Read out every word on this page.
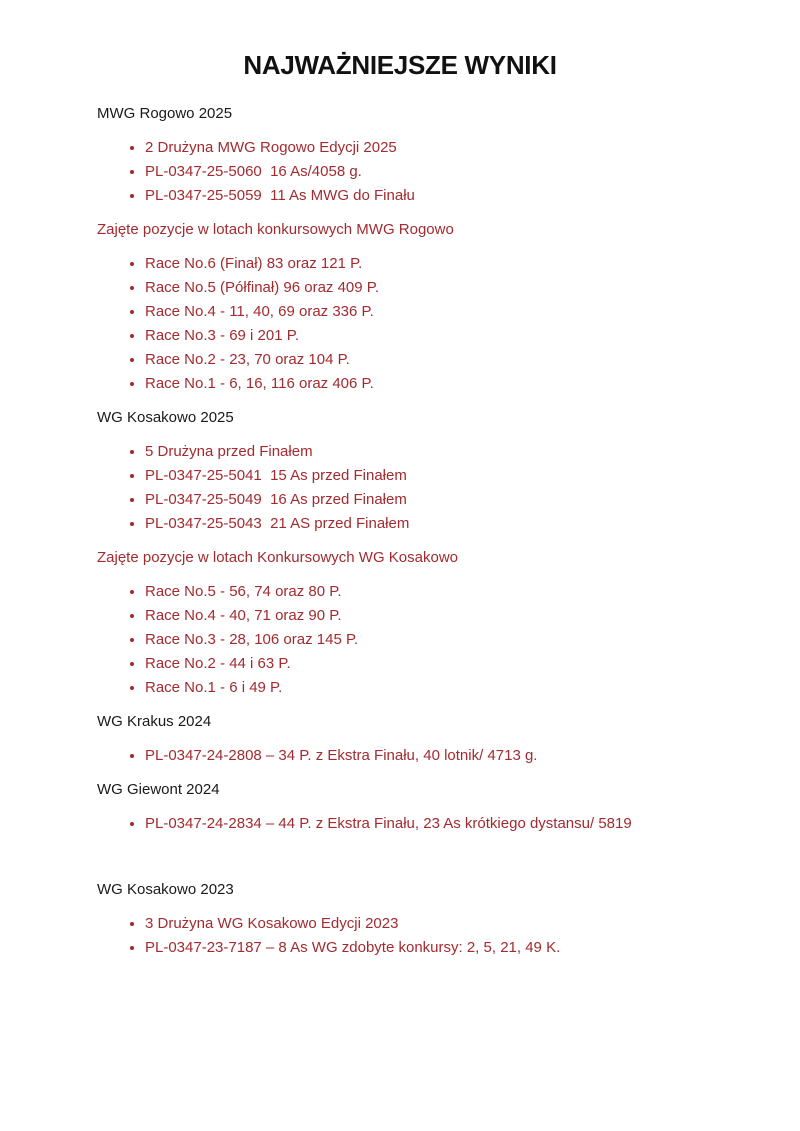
NAJWAŻNIEJSZE WYNIKI
MWG Rogowo 2025
• 2 Drużyna MWG Rogowo Edycji 2025
• PL-0347-25-5060  16 As/4058 g.
• PL-0347-25-5059  11 As MWG do Finału
Zajęte pozycje w lotach konkursowych MWG Rogowo
• Race No.6 (Finał) 83 oraz 121 P.
• Race No.5 (Półfinał) 96 oraz 409 P.
• Race No.4 - 11, 40, 69 oraz 336 P.
• Race No.3 - 69 i 201 P.
• Race No.2 - 23, 70 oraz 104 P.
• Race No.1 - 6, 16, 116 oraz 406 P.
WG Kosakowo 2025
• 5 Drużyna przed Finałem
• PL-0347-25-5041  15 As przed Finałem
• PL-0347-25-5049  16 As przed Finałem
• PL-0347-25-5043  21 AS przed Finałem
Zajęte pozycje w lotach Konkursowych WG Kosakowo
• Race No.5 - 56, 74 oraz 80 P.
• Race No.4 - 40, 71 oraz 90 P.
• Race No.3 - 28, 106 oraz 145 P.
• Race No.2 - 44 i 63 P.
• Race No.1 - 6 i 49 P.
WG Krakus 2024
• PL-0347-24-2808 – 34 P. z Ekstra Finału, 40 lotnik/ 4713 g.
WG Giewont 2024
• PL-0347-24-2834 – 44 P. z Ekstra Finału, 23 As krótkiego dystansu/ 5819
WG Kosakowo 2023
• 3 Drużyna WG Kosakowo Edycji 2023
• PL-0347-23-7187 – 8 As WG zdobyte konkursy: 2, 5, 21, 49 K.
